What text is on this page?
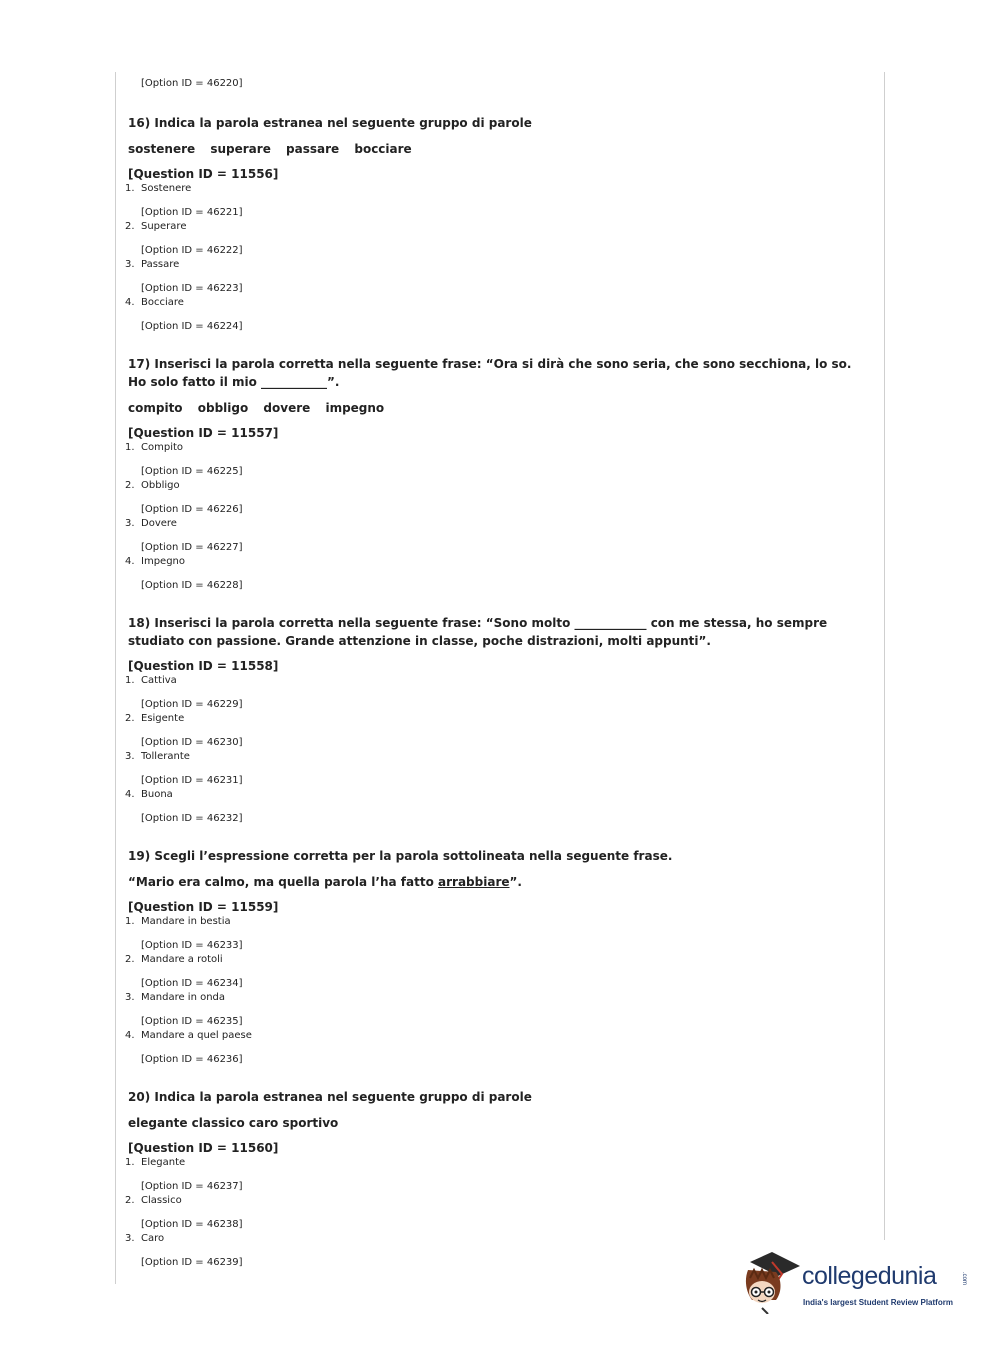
[Option ID = 46220]

16) Indica la parola estranea nel seguente gruppo di parole

sostenere superare passare bocciare

[Question ID = 11556]

1. Sostenere
[Option ID = 46221]
2. Superare
[Option ID = 46222]
3. Passare
[Option ID = 46223]
4. Bocciare
[Option ID = 46224]

17) Inserisci la parola corretta nella seguente frase: “Ora si dirà che sono seria, che sono secchiona, lo so. Ho solo fatto il mio ___________”.

compito obbligo dovere impegno

[Question ID = 11557]

1. Compito
[Option ID = 46225]
2. Obbligo
[Option ID = 46226]
3. Dovere
[Option ID = 46227]
4. Impegno
[Option ID = 46228]

18) Inserisci la parola corretta nella seguente frase: “Sono molto ____________ con me stessa, ho sempre studiato con passione. Grande attenzione in classe, poche distrazioni, molti appunti”.

[Question ID = 11558]

1. Cattiva
[Option ID = 46229]
2. Esigente
[Option ID = 46230]
3. Tollerante
[Option ID = 46231]
4. Buona
[Option ID = 46232]

19) Scegli l’espressione corretta per la parola sottolineata nella seguente frase.

“Mario era calmo, ma quella parola l’ha fatto arrabbiare”.

[Question ID = 11559]

1. Mandare in bestia
[Option ID = 46233]
2. Mandare a rotoli
[Option ID = 46234]
3. Mandare in onda
[Option ID = 46235]
4. Mandare a quel paese
[Option ID = 46236]

20) Indica la parola estranea nel seguente gruppo di parole

elegante classico caro sportivo

[Question ID = 11560]

1. Elegante
[Option ID = 46237]
2. Classico
[Option ID = 46238]
3. Caro
[Option ID = 46239]	collegedunia	.com
India's largest Student Review Platform
